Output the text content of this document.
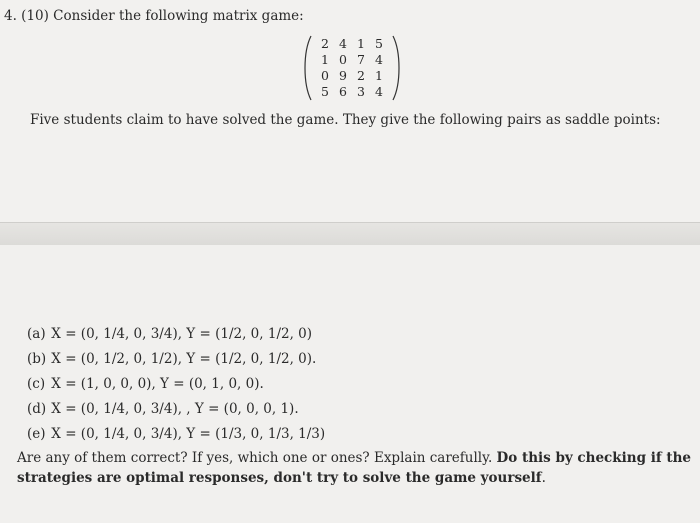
4. (10) Consider the following matrix game:
2 4 1 5
1 0 7 4
0 9 2 1
5 6 3 4
Five students claim to have solved the game. They give the following pairs as saddle points:
(a) X = (0, 1/4, 0, 3/4), Y = (1/2, 0, 1/2, 0)
(b) X = (0, 1/2, 0, 1/2), Y = (1/2, 0, 1/2, 0).
(c) X = (1, 0, 0, 0), Y = (0, 1, 0, 0).
(d) X = (0, 1/4, 0, 3/4), , Y = (0, 0, 0, 1).
(e) X = (0, 1/4, 0, 3/4), Y = (1/3, 0, 1/3, 1/3)
Are any of them correct? If yes, which one or ones? Explain carefully. Do this by checking if the
strategies are optimal responses, don't try to solve the game yourself.
